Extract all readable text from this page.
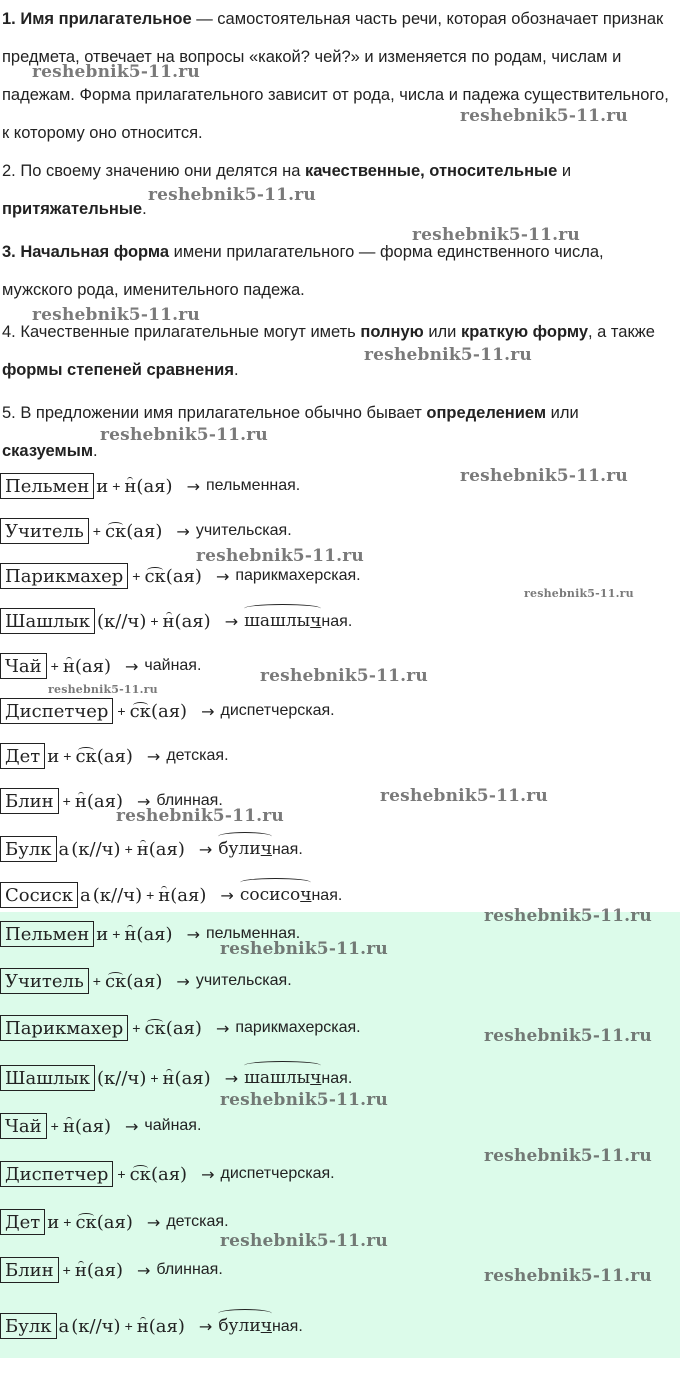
1. Имя прилагательное — самостоятельная часть речи, которая обозначает признак предмета, отвечает на вопросы «какой? чей?» и изменяется по родам, числам и падежам. Форма прилагательного зависит от рода, числа и падежа существительного, к которому оно относится.

2. По своему значению они делятся на качественные, относительные и притяжательные.

3. Начальная форма имени прилагательного — форма единственного числа, мужского рода, именительного падежа.

4. Качественные прилагательные могут иметь полную или краткую форму, а также формы степеней сравнения.

5. В предложении имя прилагательное обычно бывает определением или сказуемым.

Пельмен и + н (ая) → пельменная.
Учитель + ск (ая) → учительская.
Парикмахер + ск (ая) → парикмахерская.
Шашлык (к//ч) + н (ая) → шашлычная.
Чай + н (ая) → чайная.
Диспетчер + ск (ая) → диспетчерская.
Дет и + ск (ая) → детская.
Блин + н (ая) → блинная.
Булк а (к//ч) + н (ая) → буличная.
Сосиск а (к//ч) + н (ая) → сосисочная.
Пельмен и + н (ая) → пельменная.
Учитель + ск (ая) → учительская.
Парикмахер + ск (ая) → парикмахерская.
Шашлык (к//ч) + н (ая) → шашлычная.
Чай + н (ая) → чайная.
Диспетчер + ск (ая) → диспетчерская.
Дет и + ск (ая) → детская.
Блин + н (ая) → блинная.
Булк а (к//ч) + н (ая) → буличная.
reshebnik5-11.ru
reshebnik5-11.ru
reshebnik5-11.ru
reshebnik5-11.ru
reshebnik5-11.ru
reshebnik5-11.ru
reshebnik5-11.ru
reshebnik5-11.ru
reshebnik5-11.ru
reshebnik5-11.ru
reshebnik5-11.ru
reshebnik5-11.ru
reshebnik5-11.ru
reshebnik5-11.ru
reshebnik5-11.ru
reshebnik5-11.ru
reshebnik5-11.ru
reshebnik5-11.ru
reshebnik5-11.ru
reshebnik5-11.ru
reshebnik5-11.ru
